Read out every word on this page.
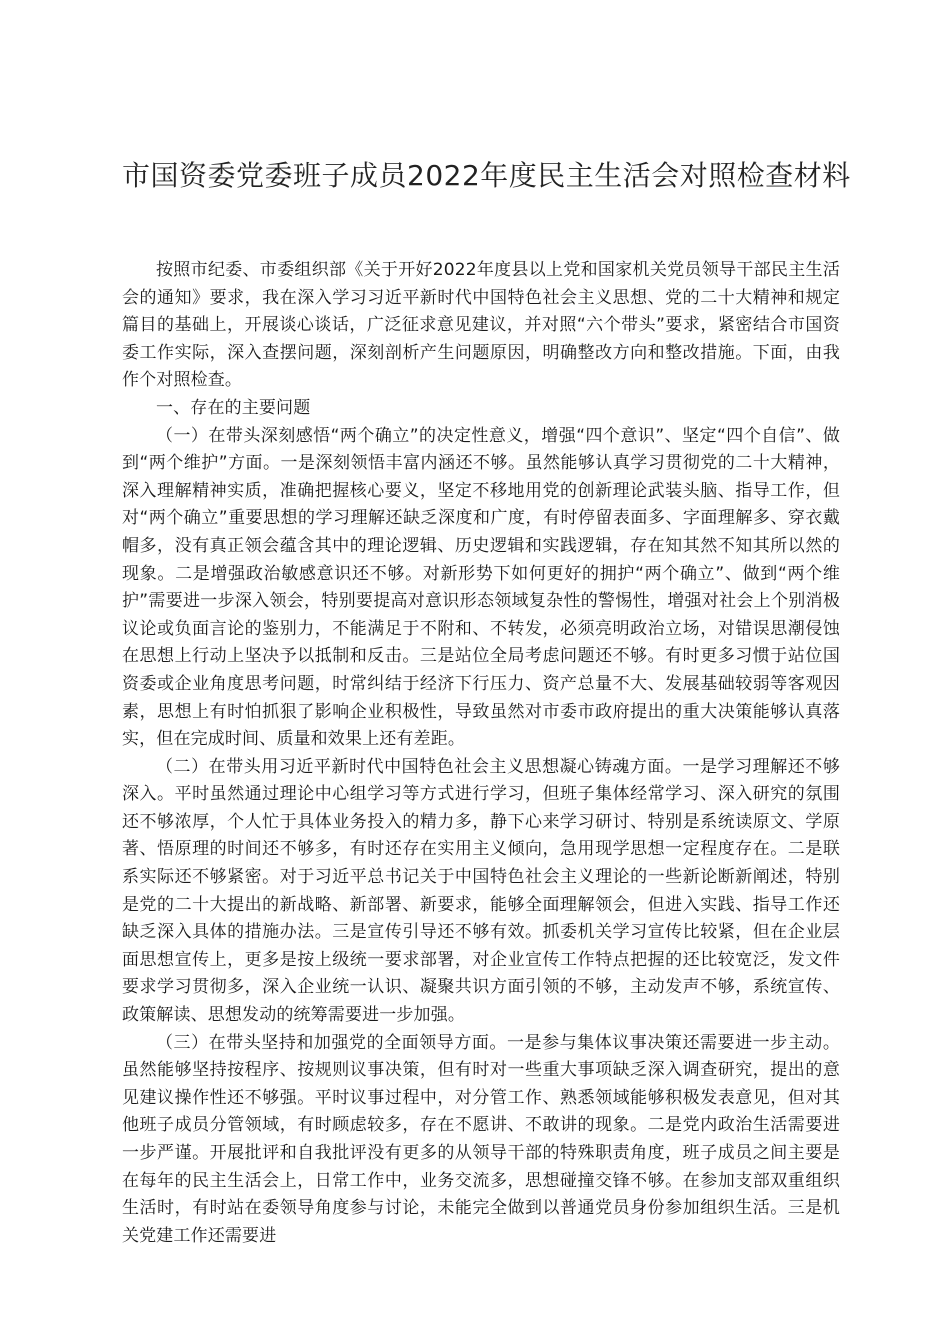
市国资委党委班子成员2022年度民主生活会对照检查材料

按照市纪委、市委组织部《关于开好2022年度县以上党和国家机关党员领导干部民主生活会的通知》要求，我在深入学习习近平新时代中国特色社会主义思想、党的二十大精神和规定篇目的基础上，开展谈心谈话，广泛征求意见建议，并对照“六个带头”要求，紧密结合市国资委工作实际，深入查摆问题，深刻剖析产生问题原因，明确整改方向和整改措施。下面，由我作个对照检查。

一、存在的主要问题

（一）在带头深刻感悟“两个确立”的决定性意义，增强“四个意识”、坚定“四个自信”、做到“两个维护”方面。一是深刻领悟丰富内涵还不够。虽然能够认真学习贯彻党的二十大精神，深入理解精神实质，准确把握核心要义，坚定不移地用党的创新理论武装头脑、指导工作，但对“两个确立”重要思想的学习理解还缺乏深度和广度，有时停留表面多、字面理解多、穿衣戴帽多，没有真正领会蕴含其中的理论逻辑、历史逻辑和实践逻辑，存在知其然不知其所以然的现象。二是增强政治敏感意识还不够。对新形势下如何更好的拥护“两个确立”、做到“两个维护”需要进一步深入领会，特别要提高对意识形态领域复杂性的警惕性，增强对社会上个别消极议论或负面言论的鉴别力，不能满足于不附和、不转发，必须亮明政治立场，对错误思潮侵蚀在思想上行动上坚决予以抵制和反击。三是站位全局考虑问题还不够。有时更多习惯于站位国资委或企业角度思考问题，时常纠结于经济下行压力、资产总量不大、发展基础较弱等客观因素，思想上有时怕抓狠了影响企业积极性，导致虽然对市委市政府提出的重大决策能够认真落实，但在完成时间、质量和效果上还有差距。

（二）在带头用习近平新时代中国特色社会主义思想凝心铸魂方面。一是学习理解还不够深入。平时虽然通过理论中心组学习等方式进行学习，但班子集体经常学习、深入研究的氛围还不够浓厚，个人忙于具体业务投入的精力多，静下心来学习研讨、特别是系统读原文、学原著、悟原理的时间还不够多，有时还存在实用主义倾向，急用现学思想一定程度存在。二是联系实际还不够紧密。对于习近平总书记关于中国特色社会主义理论的一些新论断新阐述，特别是党的二十大提出的新战略、新部署、新要求，能够全面理解领会，但进入实践、指导工作还缺乏深入具体的措施办法。三是宣传引导还不够有效。抓委机关学习宣传比较紧，但在企业层面思想宣传上，更多是按上级统一要求部署，对企业宣传工作特点把握的还比较宽泛，发文件要求学习贯彻多，深入企业统一认识、凝聚共识方面引领的不够，主动发声不够，系统宣传、政策解读、思想发动的统筹需要进一步加强。

（三）在带头坚持和加强党的全面领导方面。一是参与集体议事决策还需要进一步主动。虽然能够坚持按程序、按规则议事决策，但有时对一些重大事项缺乏深入调查研究，提出的意见建议操作性还不够强。平时议事过程中，对分管工作、熟悉领域能够积极发表意见，但对其他班子成员分管领域，有时顾虑较多，存在不愿讲、不敢讲的现象。二是党内政治生活需要进一步严谨。开展批评和自我批评没有更多的从领导干部的特殊职责角度，班子成员之间主要是在每年的民主生活会上，日常工作中，业务交流多，思想碰撞交锋不够。在参加支部双重组织生活时，有时站在委领导角度参与讨论，未能完全做到以普通党员身份参加组织生活。三是机关党建工作还需要进
